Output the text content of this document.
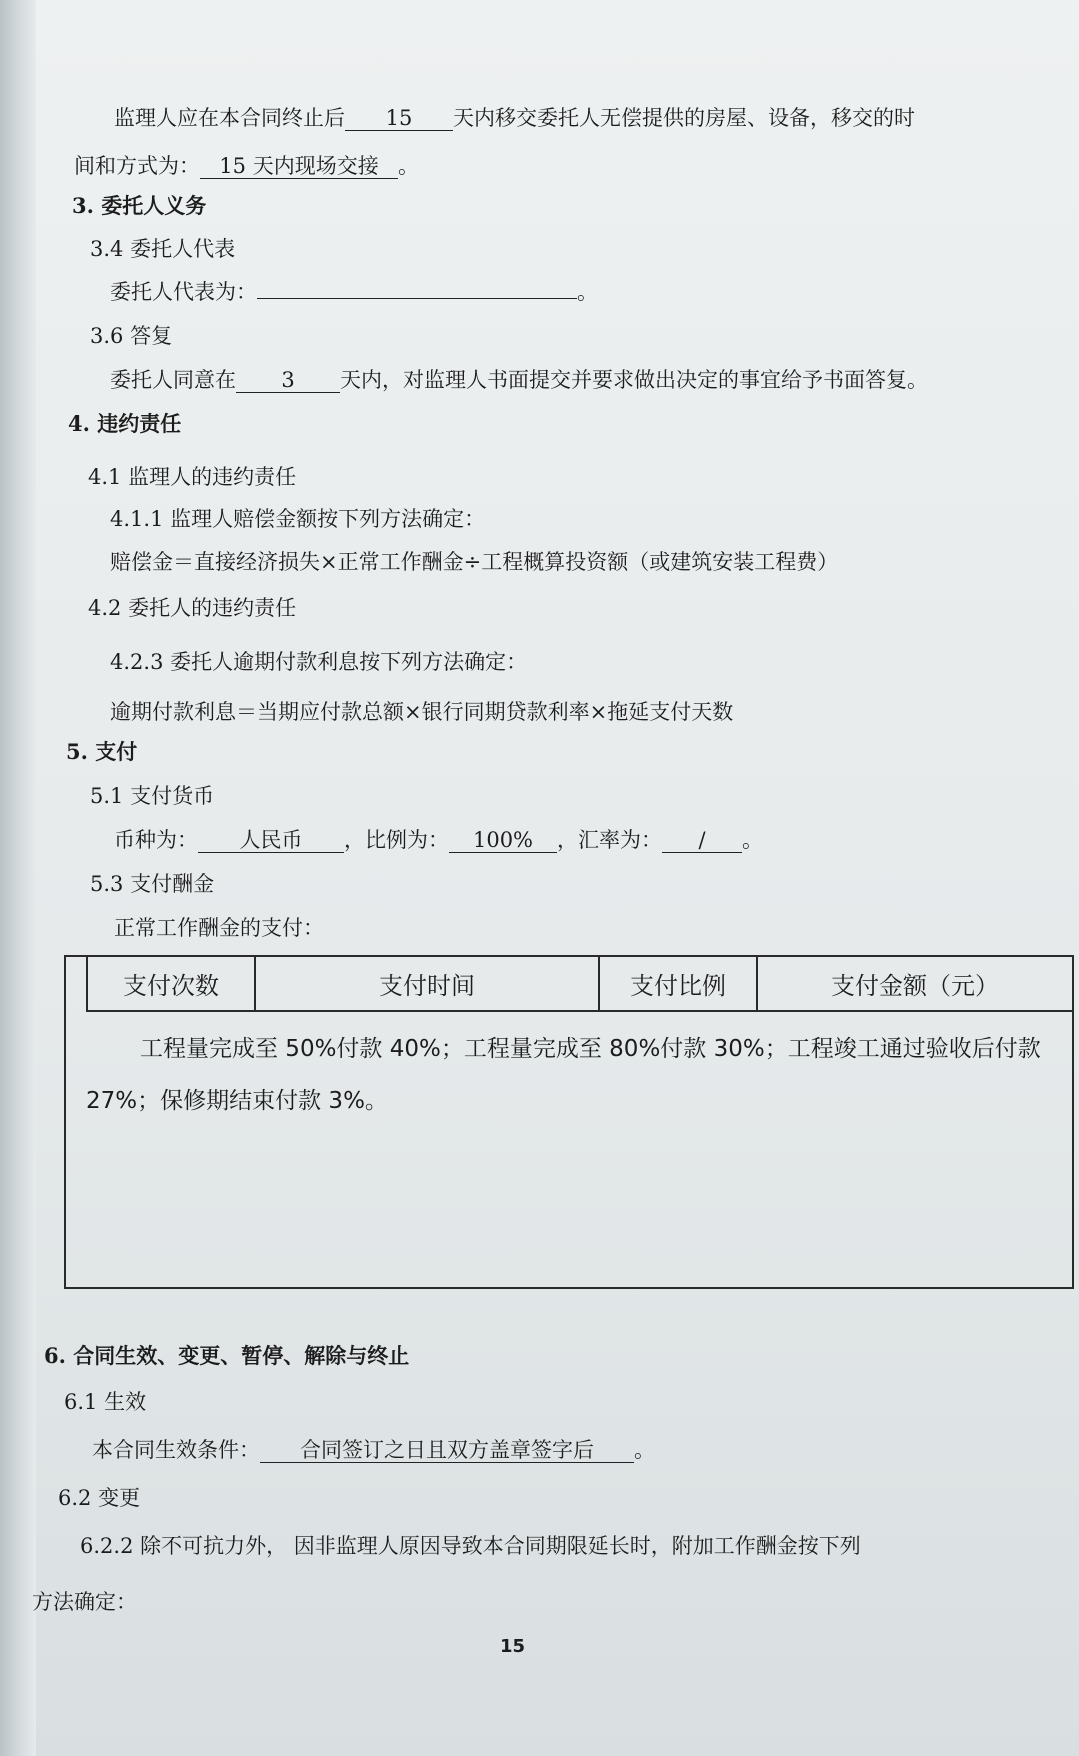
监理人应在本合同终止后 15 天内移交委托人无偿提供的房屋、设备，移交的时
间和方式为： 15 天内现场交接 。
3. 委托人义务
3.4 委托人代表
委托人代表为：	。
3.6 答复
委托人同意在 3 天内，对监理人书面提交并要求做出决定的事宜给予书面答复。
4. 违约责任
4.1 监理人的违约责任
4.1.1 监理人赔偿金额按下列方法确定：
赔偿金＝直接经济损失×正常工作酬金÷工程概算投资额（或建筑安装工程费）
4.2 委托人的违约责任
4.2.3 委托人逾期付款利息按下列方法确定：
逾期付款利息＝当期应付款总额×银行同期贷款利率×拖延支付天数
5. 支付
5.1 支付货币
币种为： 人民币 ，比例为： 100% ，汇率为： / 。
5.3 支付酬金
正常工作酬金的支付：
支付次数	支付时间	支付比例	支付金额（元）
工程量完成至 50%付款 40%；工程量完成至 80%付款 30%；工程竣工通过验收后付款 27%；保修期结束付款 3%。
6. 合同生效、变更、暂停、解除与终止
6.1 生效
本合同生效条件： 合同签订之日且双方盖章签字后 。
6.2 变更
6.2.2 除不可抗力外， 因非监理人原因导致本合同期限延长时，附加工作酬金按下列
方法确定：
15
